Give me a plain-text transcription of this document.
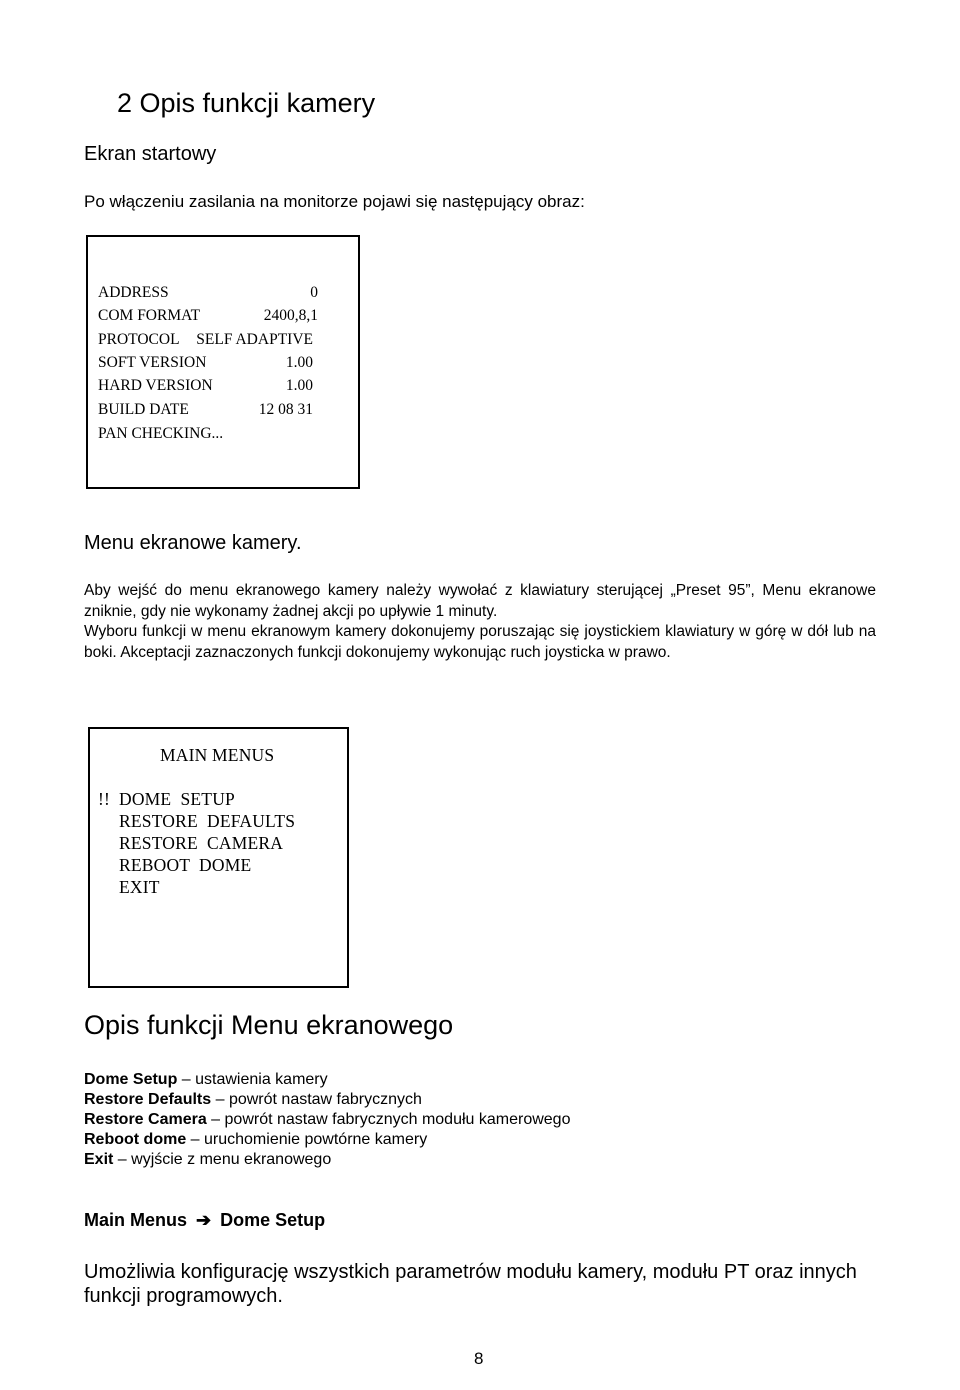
2 Opis funkcji kamery
Ekran startowy
Po włączeniu zasilania na monitorze pojawi się następujący obraz:
ADDRESS	0
COM FORMAT	2400,8,1
PROTOCOL SELF ADAPTIVE
SOFT VERSION	1.00
HARD VERSION	1.00
BUILD DATE	12 08 31
PAN CHECKING...
Menu ekranowe kamery.
Aby wejść do menu ekranowego kamery należy wywołać z klawiatury sterującej „Preset 95”, Menu ekranowe zniknie, gdy nie wykonamy żadnej akcji po upływie 1 minuty.
Wyboru funkcji w menu ekranowym kamery dokonujemy poruszając się joystickiem klawiatury w górę w dół lub na boki. Akceptacji zaznaczonych funkcji dokonujemy wykonując ruch joysticka w prawo.
MAIN MENUS
!! DOME  SETUP
RESTORE  DEFAULTS
RESTORE  CAMERA
REBOOT  DOME
EXIT
Opis funkcji Menu ekranowego
Dome Setup – ustawienia kamery
Restore Defaults – powrót nastaw fabrycznych
Restore Camera – powrót nastaw fabrycznych modułu kamerowego
Reboot dome – uruchomienie powtórne kamery
Exit – wyjście z menu ekranowego
Main Menus ➔ Dome Setup
Umożliwia konfigurację wszystkich parametrów modułu kamery, modułu PT oraz innych funkcji programowych.
8
